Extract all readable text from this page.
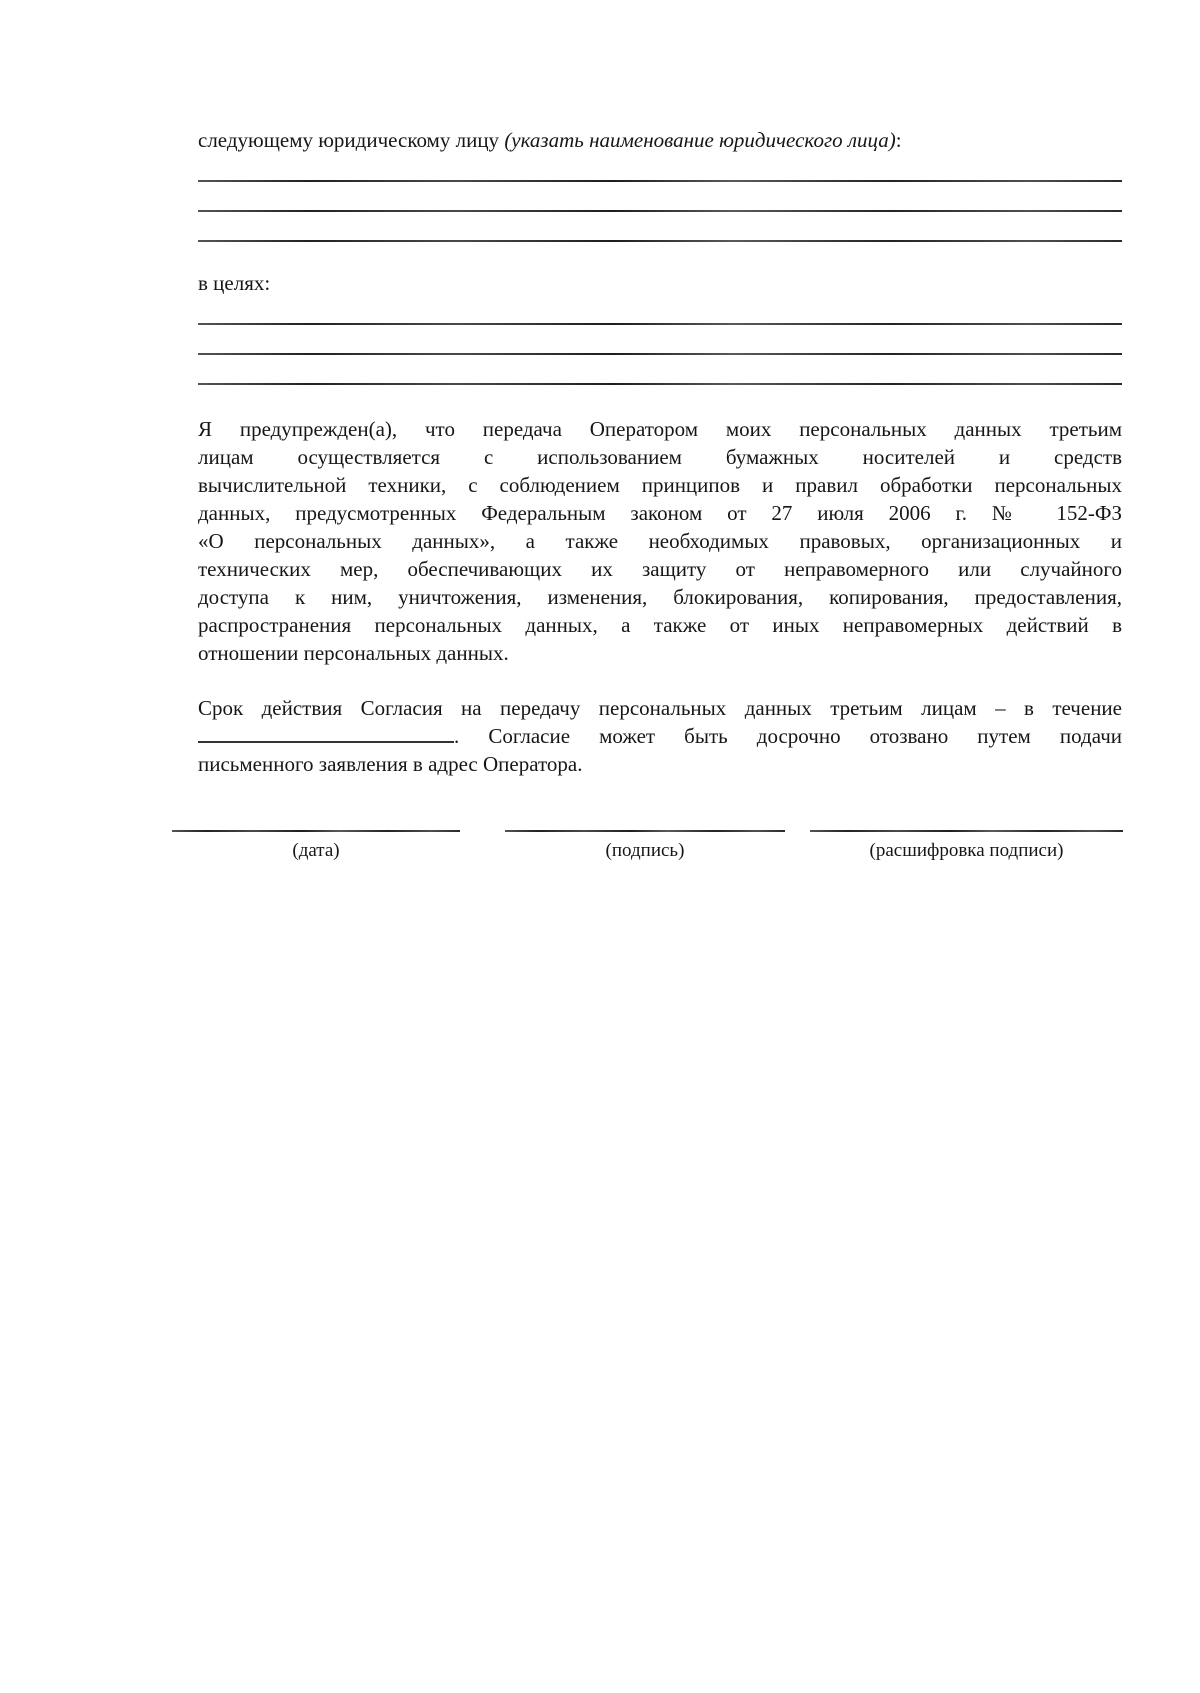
следующему юридическому лицу (указать наименование юридического лица):
в целях:
Я предупрежден(а), что передача Оператором моих персональных данных третьим
лицам осуществляется с использованием бумажных носителей и средств
вычислительной техники, с соблюдением принципов и правил обработки персональных
данных, предусмотренных Федеральным законом от 27 июля 2006 г. № 152-ФЗ
«О персональных данных», а также необходимых правовых, организационных и
технических мер, обеспечивающих их защиту от неправомерного или случайного
доступа к ним, уничтожения, изменения, блокирования, копирования, предоставления,
распространения персональных данных, а также от иных неправомерных действий в
отношении персональных данных.
Срок действия Согласия на передачу персональных данных третьим лицам – в течение
. Согласие может быть досрочно отозвано путем подачи
письменного заявления в адрес Оператора.
(дата)	(подпись)	(расшифровка подписи)
